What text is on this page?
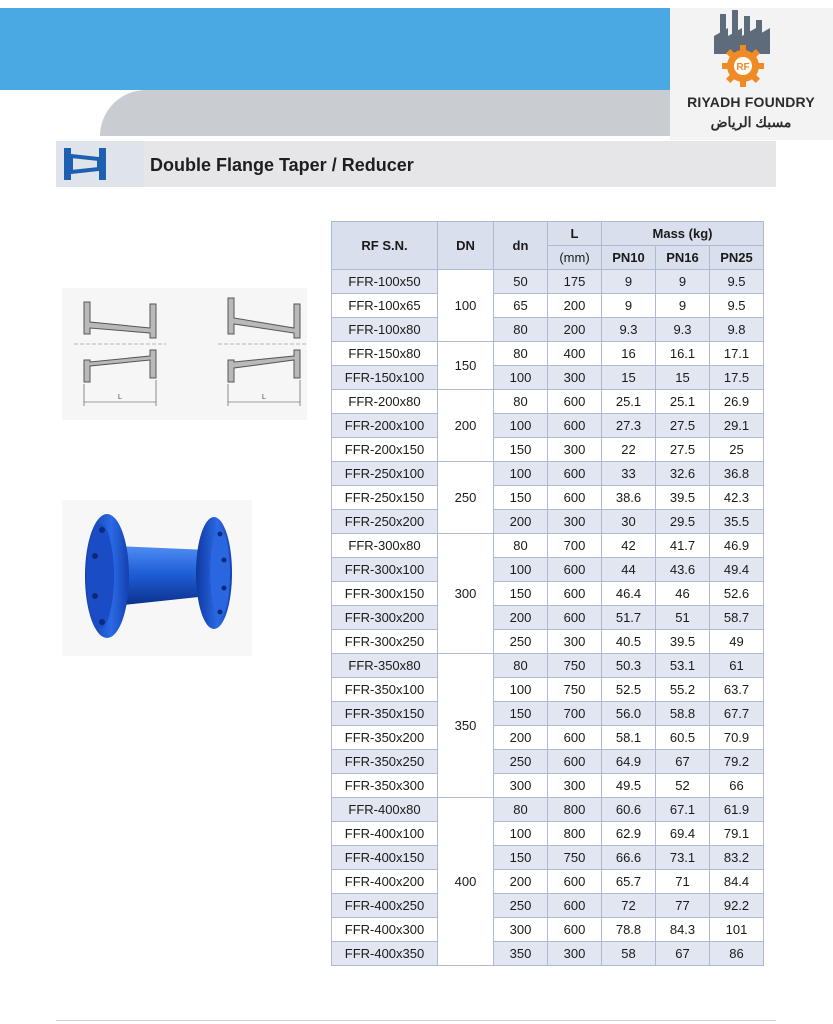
RF
RIYADH FOUNDRY
مسبك الرياض
Double Flange Taper / Reducer
L	L
RF S.N.	DN	dn	L	Mass (kg)		
			(mm)	PN10	PN16	PN25
FFR-100x50	100	50	175	9	9	9.5
FFR-100x65		65	200	9	9	9.5
FFR-100x80		80	200	9.3	9.3	9.8
FFR-150x80	150	80	400	16	16.1	17.1
FFR-150x100		100	300	15	15	17.5
FFR-200x80	200	80	600	25.1	25.1	26.9
FFR-200x100		100	600	27.3	27.5	29.1
FFR-200x150		150	300	22	27.5	25
FFR-250x100	250	100	600	33	32.6	36.8
FFR-250x150		150	600	38.6	39.5	42.3
FFR-250x200		200	300	30	29.5	35.5
FFR-300x80	300	80	700	42	41.7	46.9
FFR-300x100		100	600	44	43.6	49.4
FFR-300x150		150	600	46.4	46	52.6
FFR-300x200		200	600	51.7	51	58.7
FFR-300x250		250	300	40.5	39.5	49
FFR-350x80	350	80	750	50.3	53.1	61
FFR-350x100		100	750	52.5	55.2	63.7
FFR-350x150		150	700	56.0	58.8	67.7
FFR-350x200		200	600	58.1	60.5	70.9
FFR-350x250		250	600	64.9	67	79.2
FFR-350x300		300	300	49.5	52	66
FFR-400x80	400	80	800	60.6	67.1	61.9
FFR-400x100		100	800	62.9	69.4	79.1
FFR-400x150		150	750	66.6	73.1	83.2
FFR-400x200		200	600	65.7	71	84.4
FFR-400x250		250	600	72	77	92.2
FFR-400x300		300	600	78.8	84.3	101
FFR-400x350		350	300	58	67	86
